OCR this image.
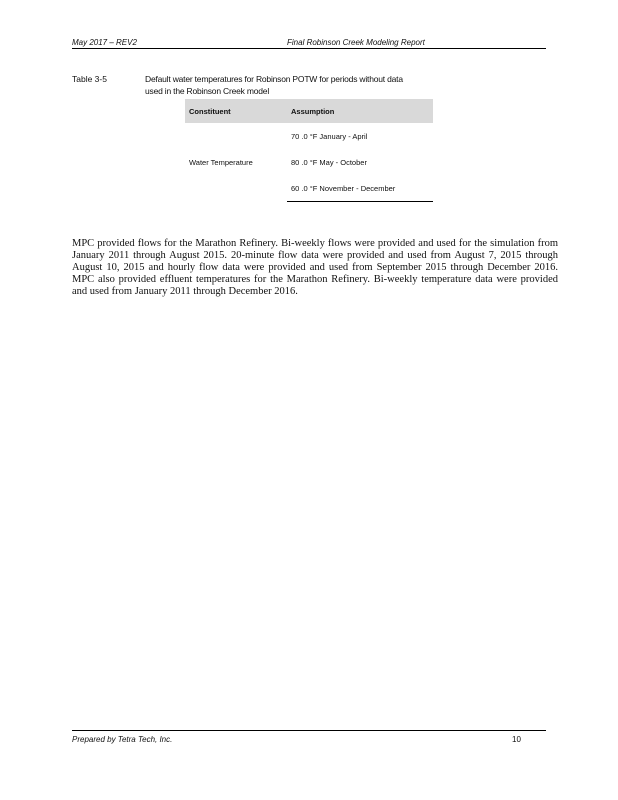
May 2017 – REV2	Final Robinson Creek Modeling Report
Table 3-5	Default water temperatures for Robinson POTW for periods without data used in the Robinson Creek model
Constituent	Assumption
Water Temperature	70 .0 °F January - April
	80 .0 °F May - October
	60 .0 °F November - December

MPC provided flows for the Marathon Refinery. Bi-weekly flows were provided and used for the simulation from January 2011 through August 2015. 20-minute flow data were provided and used from August 7, 2015 through August 10, 2015 and hourly flow data were provided and used from September 2015 through December 2016. MPC also provided effluent temperatures for the Marathon Refinery. Bi-weekly temperature data were provided and used from January 2011 through December 2016.

Prepared by Tetra Tech, Inc.	10
